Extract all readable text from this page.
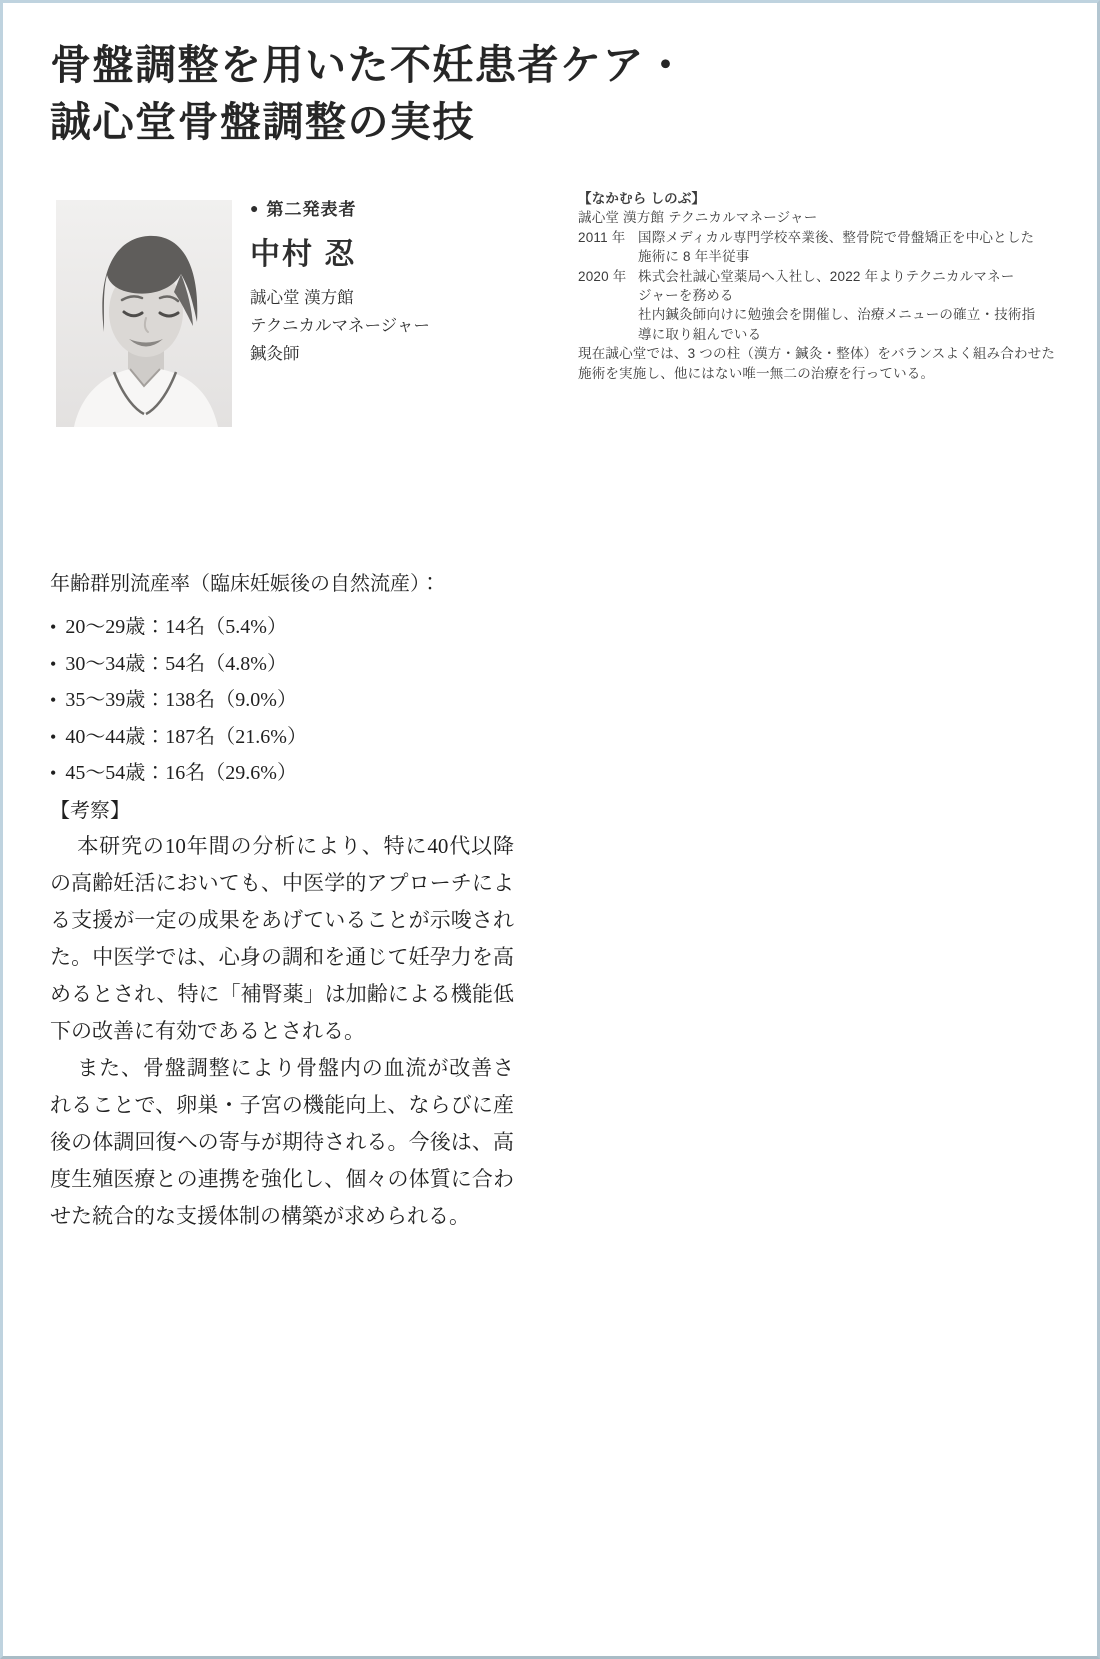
骨盤調整を用いた不妊患者ケア・
誠心堂骨盤調整の実技
● 第二発表者
中村 忍
誠心堂 漢方館
テクニカルマネージャー
鍼灸師
【なかむら しのぶ】
誠心堂 漢方館 テクニカルマネージャー
2011 年 国際メディカル専門学校卒業後、整骨院で骨盤矯正を中心とした
施術に 8 年半従事
2020 年 株式会社誠心堂薬局へ入社し、2022 年よりテクニカルマネー
ジャーを務める
社内鍼灸師向けに勉強会を開催し、治療メニューの確立・技術指
導に取り組んでいる
現在誠心堂では、3 つの柱（漢方・鍼灸・整体）をバランスよく組み合わせた施術を実施し、他にはない唯一無二の治療を行っている。

年齢群別流産率（臨床妊娠後の自然流産）：

• 20〜29歳：14名（5.4%）
• 30〜34歳：54名（4.8%）
• 35〜39歳：138名（9.0%）
• 40〜44歳：187名（21.6%）
• 45〜54歳：16名（29.6%）

【考察】

本研究の10年間の分析により、特に40代以降の高齢妊活においても、中医学的アプローチによる支援が一定の成果をあげていることが示唆された。中医学では、心身の調和を通じて妊孕力を高めるとされ、特に「補腎薬」は加齢による機能低下の改善に有効であるとされる。

また、骨盤調整により骨盤内の血流が改善されることで、卵巣・子宮の機能向上、ならびに産後の体調回復への寄与が期待される。今後は、高度生殖医療との連携を強化し、個々の体質に合わせた統合的な支援体制の構築が求められる。
